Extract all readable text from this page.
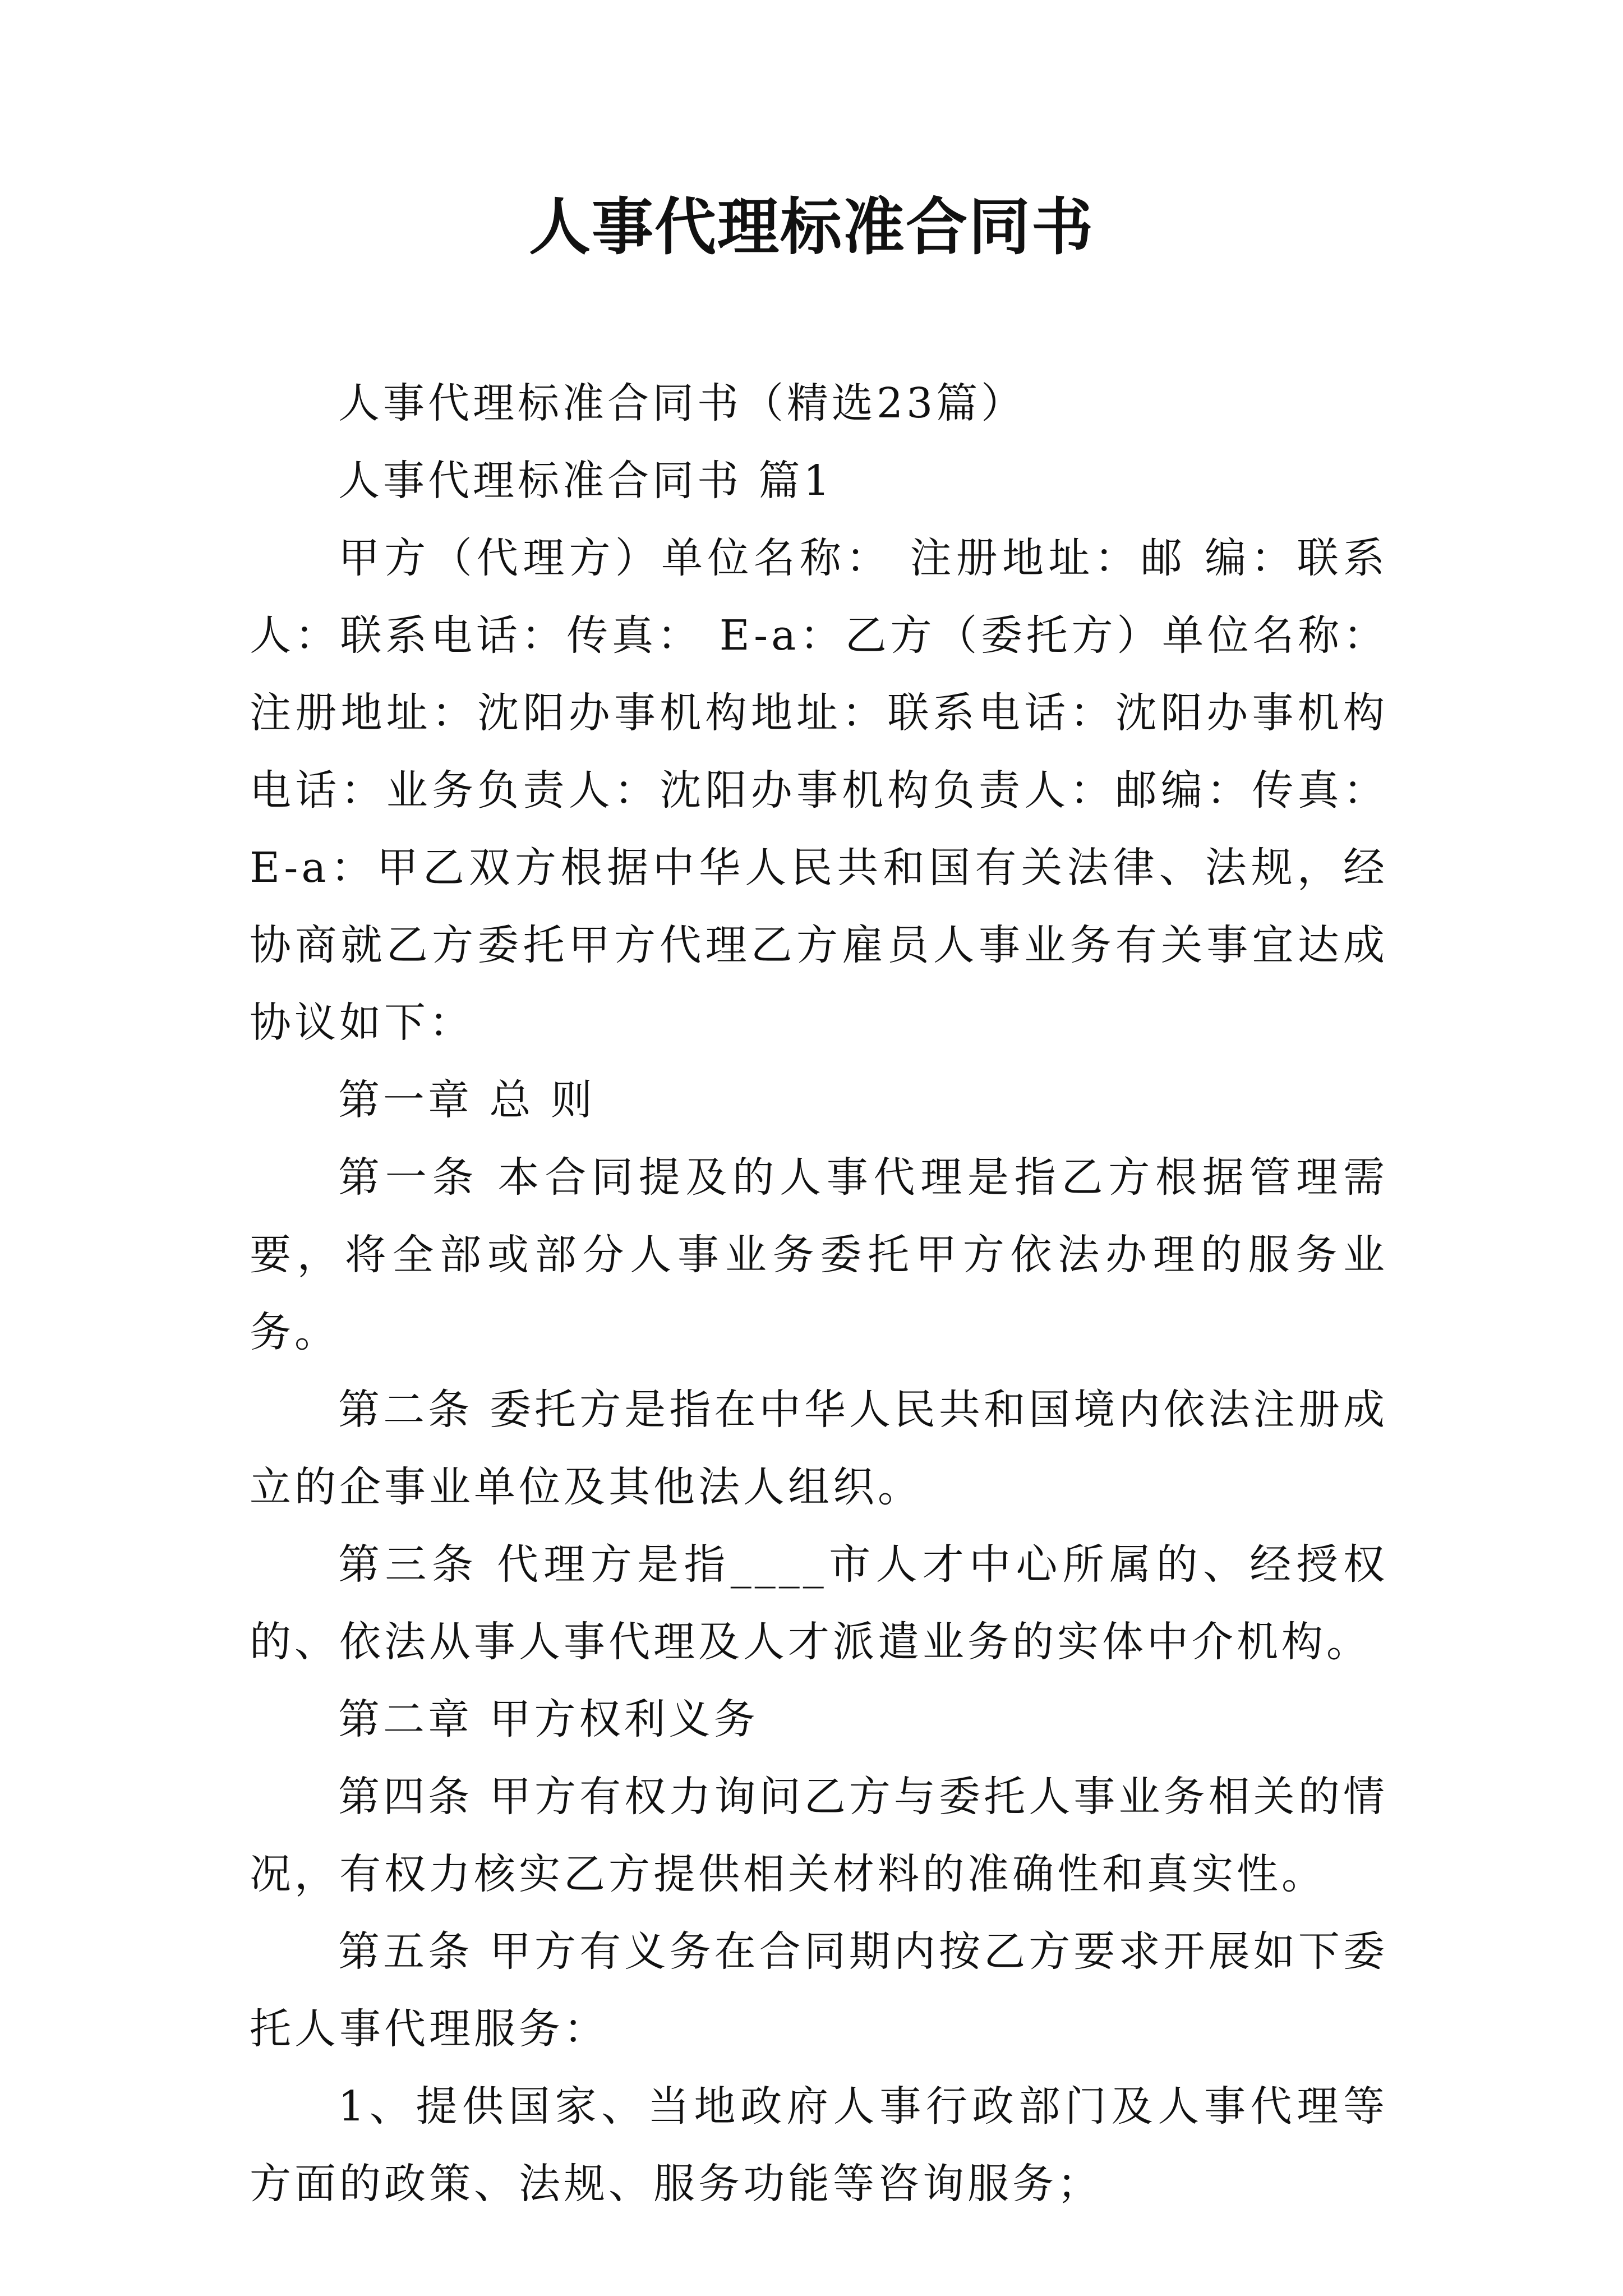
人事代理标准合同书

人事代理标准合同书（精选23篇）

人事代理标准合同书 篇1

甲方（代理方）单位名称： 注册地址：邮 编：联系人：联系电话：传真： E-a：乙方（委托方）单位名称：注册地址：沈阳办事机构地址：联系电话：沈阳办事机构电话：业务负责人：沈阳办事机构负责人：邮编：传真：E-a：甲乙双方根据中华人民共和国有关法律、法规，经协商就乙方委托甲方代理乙方雇员人事业务有关事宜达成协议如下：

第一章 总 则

第一条 本合同提及的人事代理是指乙方根据管理需要，将全部或部分人事业务委托甲方依法办理的服务业务。

第二条 委托方是指在中华人民共和国境内依法注册成立的企事业单位及其他法人组织。

第三条 代理方是指____市人才中心所属的、经授权的、依法从事人事代理及人才派遣业务的实体中介机构。

第二章 甲方权利义务

第四条 甲方有权力询问乙方与委托人事业务相关的情况，有权力核实乙方提供相关材料的准确性和真实性。

第五条 甲方有义务在合同期内按乙方要求开展如下委托人事代理服务：

1、提供国家、当地政府人事行政部门及人事代理等方面的政策、法规、服务功能等咨询服务；
